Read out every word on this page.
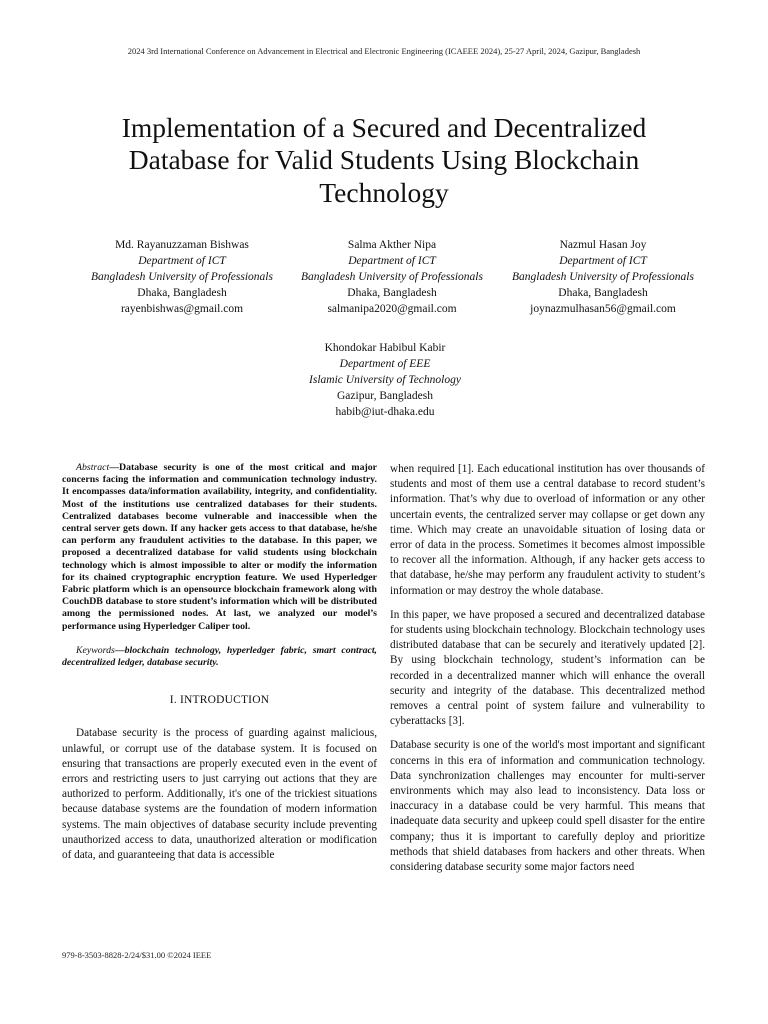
2024 3rd International Conference on Advancement in Electrical and Electronic Engineering (ICAEEE 2024), 25-27 April, 2024, Gazipur, Bangladesh
Implementation of a Secured and Decentralized Database for Valid Students Using Blockchain Technology
Md. Rayanuzzaman Bishwas
Department of ICT
Bangladesh University of Professionals
Dhaka, Bangladesh
rayenbishwas@gmail.com
Salma Akther Nipa
Department of ICT
Bangladesh University of Professionals
Dhaka, Bangladesh
salmanipa2020@gmail.com
Nazmul Hasan Joy
Department of ICT
Bangladesh University of Professionals
Dhaka, Bangladesh
joynazmulhasan56@gmail.com
Khondokar Habibul Kabir
Department of EEE
Islamic University of Technology
Gazipur, Bangladesh
habib@iut-dhaka.edu

Abstract—Database security is one of the most critical and major concerns facing the information and communication technology industry. It encompasses data/information availability, integrity, and confidentiality. Most of the institutions use centralized databases for their students. Centralized databases become vulnerable and inaccessible when the central server gets down. If any hacker gets access to that database, he/she can perform any fraudulent activities to the database. In this paper, we proposed a decentralized database for valid students using blockchain technology which is almost impossible to alter or modify the information for its chained cryptographic encryption feature. We used Hyperledger Fabric platform which is an opensource blockchain framework along with CouchDB database to store student’s information which will be distributed among the permissioned nodes. At last, we analyzed our model’s performance using Hyperledger Caliper tool.

Keywords—blockchain technology, hyperledger fabric, smart contract, decentralized ledger, database security.

I. INTRODUCTION

Database security is the process of guarding against malicious, unlawful, or corrupt use of the database system. It is focused on ensuring that transactions are properly executed even in the event of errors and restricting users to just carrying out actions that they are authorized to perform. Additionally, it's one of the trickiest situations because database systems are the foundation of modern information systems. The main objectives of database security include preventing unauthorized access to data, unauthorized alteration or modification of data, and guaranteeing that data is accessible

when required [1]. Each educational institution has over thousands of students and most of them use a central database to record student’s information. That’s why due to overload of information or any other uncertain events, the centralized server may collapse or get down any time. Which may create an unavoidable situation of losing data or error of data in the process. Sometimes it becomes almost impossible to recover all the information. Although, if any hacker gets access to that database, he/she may perform any fraudulent activity to student’s information or may destroy the whole database.

In this paper, we have proposed a secured and decentralized database for students using blockchain technology. Blockchain technology uses distributed database that can be securely and iteratively updated [2]. By using blockchain technology, student’s information can be recorded in a decentralized manner which will enhance the overall security and integrity of the database. This decentralized method removes a central point of system failure and vulnerability to cyberattacks [3].

Database security is one of the world's most important and significant concerns in this era of information and communication technology. Data synchronization challenges may encounter for multi-server environments which may also lead to inconsistency. Data loss or inaccuracy in a database could be very harmful. This means that inadequate data security and upkeep could spell disaster for the entire company; thus it is important to carefully deploy and prioritize methods that shield databases from hackers and other threats. When considering database security some major factors need

979-8-3503-8828-2/24/$31.00 ©2024 IEEE
